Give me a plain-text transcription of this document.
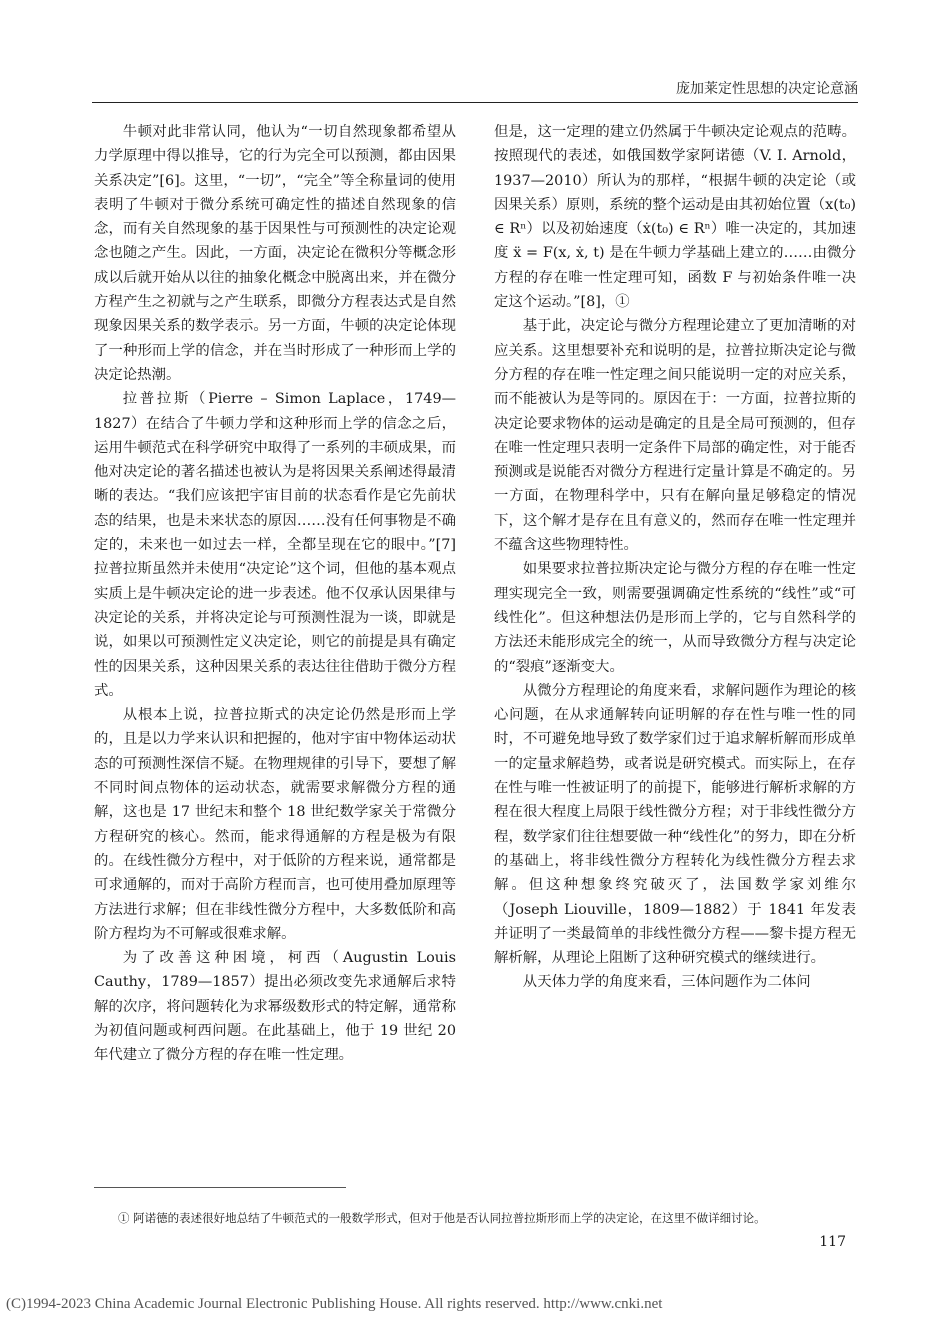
庞加莱定性思想的决定论意涵

牛顿对此非常认同，他认为“一切自然现象都希望从力学原理中得以推导，它的行为完全可以预测，都由因果关系决定”[6]。这里，“一切”，“完全”等全称量词的使用表明了牛顿对于微分系统可确定性的描述自然现象的信念，而有关自然现象的基于因果性与可预测性的决定论观念也随之产生。因此，一方面，决定论在微积分等概念形成以后就开始从以往的抽象化概念中脱离出来，并在微分方程产生之初就与之产生联系，即微分方程表达式是自然现象因果关系的数学表示。另一方面，牛顿的决定论体现了一种形而上学的信念，并在当时形成了一种形而上学的决定论热潮。

拉普拉斯（Pierre – Simon Laplace，1749—1827）在结合了牛顿力学和这种形而上学的信念之后，运用牛顿范式在科学研究中取得了一系列的丰硕成果，而他对决定论的著名描述也被认为是将因果关系阐述得最清晰的表达。“我们应该把宇宙目前的状态看作是它先前状态的结果，也是未来状态的原因……没有任何事物是不确定的，未来也一如过去一样，全都呈现在它的眼中。”[7] 拉普拉斯虽然并未使用“决定论”这个词，但他的基本观点实质上是牛顿决定论的进一步表述。他不仅承认因果律与决定论的关系，并将决定论与可预测性混为一谈，即就是说，如果以可预测性定义决定论，则它的前提是具有确定性的因果关系，这种因果关系的表达往往借助于微分方程式。

从根本上说，拉普拉斯式的决定论仍然是形而上学的，且是以力学来认识和把握的，他对宇宙中物体运动状态的可预测性深信不疑。在物理规律的引导下，要想了解不同时间点物体的运动状态，就需要求解微分方程的通解，这也是 17 世纪末和整个 18 世纪数学家关于常微分方程研究的核心。然而，能求得通解的方程是极为有限的。在线性微分方程中，对于低阶的方程来说，通常都是可求通解的，而对于高阶方程而言，也可使用叠加原理等方法进行求解；但在非线性微分方程中，大多数低阶和高阶方程均为不可解或很难求解。

为了改善这种困境，柯西（Augustin Louis Cauthy，1789—1857）提出必须改变先求通解后求特解的次序，将问题转化为求幂级数形式的特定解，通常称为初值问题或柯西问题。在此基础上，他于 19 世纪 20 年代建立了微分方程的存在唯一性定理。

但是，这一定理的建立仍然属于牛顿决定论观点的范畴。按照现代的表述，如俄国数学家阿诺德（V. I. Arnold，1937—2010）所认为的那样，“根据牛顿的决定论（或因果关系）原则，系统的整个运动是由其初始位置（x(t₀) ∈ Rⁿ）以及初始速度（ẋ(t₀) ∈ Rⁿ）唯一决定的，其加速度 ẍ = F(x, ẋ, t) 是在牛顿力学基础上建立的……由微分方程的存在唯一性定理可知，函数 F 与初始条件唯一决定这个运动。”[8]，①

基于此，决定论与微分方程理论建立了更加清晰的对应关系。这里想要补充和说明的是，拉普拉斯决定论与微分方程的存在唯一性定理之间只能说明一定的对应关系，而不能被认为是等同的。原因在于：一方面，拉普拉斯的决定论要求物体的运动是确定的且是全局可预测的，但存在唯一性定理只表明一定条件下局部的确定性，对于能否预测或是说能否对微分方程进行定量计算是不确定的。另一方面，在物理科学中，只有在解向量足够稳定的情况下，这个解才是存在且有意义的，然而存在唯一性定理并不蕴含这些物理特性。

如果要求拉普拉斯决定论与微分方程的存在唯一性定理实现完全一致，则需要强调确定性系统的“线性”或“可线性化”。但这种想法仍是形而上学的，它与自然科学的方法还未能形成完全的统一，从而导致微分方程与决定论的“裂痕”逐渐变大。

从微分方程理论的角度来看，求解问题作为理论的核心问题，在从求通解转向证明解的存在性与唯一性的同时，不可避免地导致了数学家们过于追求解析解而形成单一的定量求解趋势，或者说是研究模式。而实际上，在存在性与唯一性被证明了的前提下，能够进行解析求解的方程在很大程度上局限于线性微分方程；对于非线性微分方程，数学家们往往想要做一种“线性化”的努力，即在分析的基础上，将非线性微分方程转化为线性微分方程去求解。但这种想象终究破灭了，法国数学家刘维尔（Joseph Liouville，1809—1882）于 1841 年发表并证明了一类最简单的非线性微分方程——黎卡提方程无解析解，从理论上阻断了这种研究模式的继续进行。

从天体力学的角度来看，三体问题作为二体问

① 阿诺德的表述很好地总结了牛顿范式的一般数学形式，但对于他是否认同拉普拉斯形而上学的决定论，在这里不做详细讨论。
117
(C)1994-2023 China Academic Journal Electronic Publishing House. All rights reserved. http://www.cnki.net
